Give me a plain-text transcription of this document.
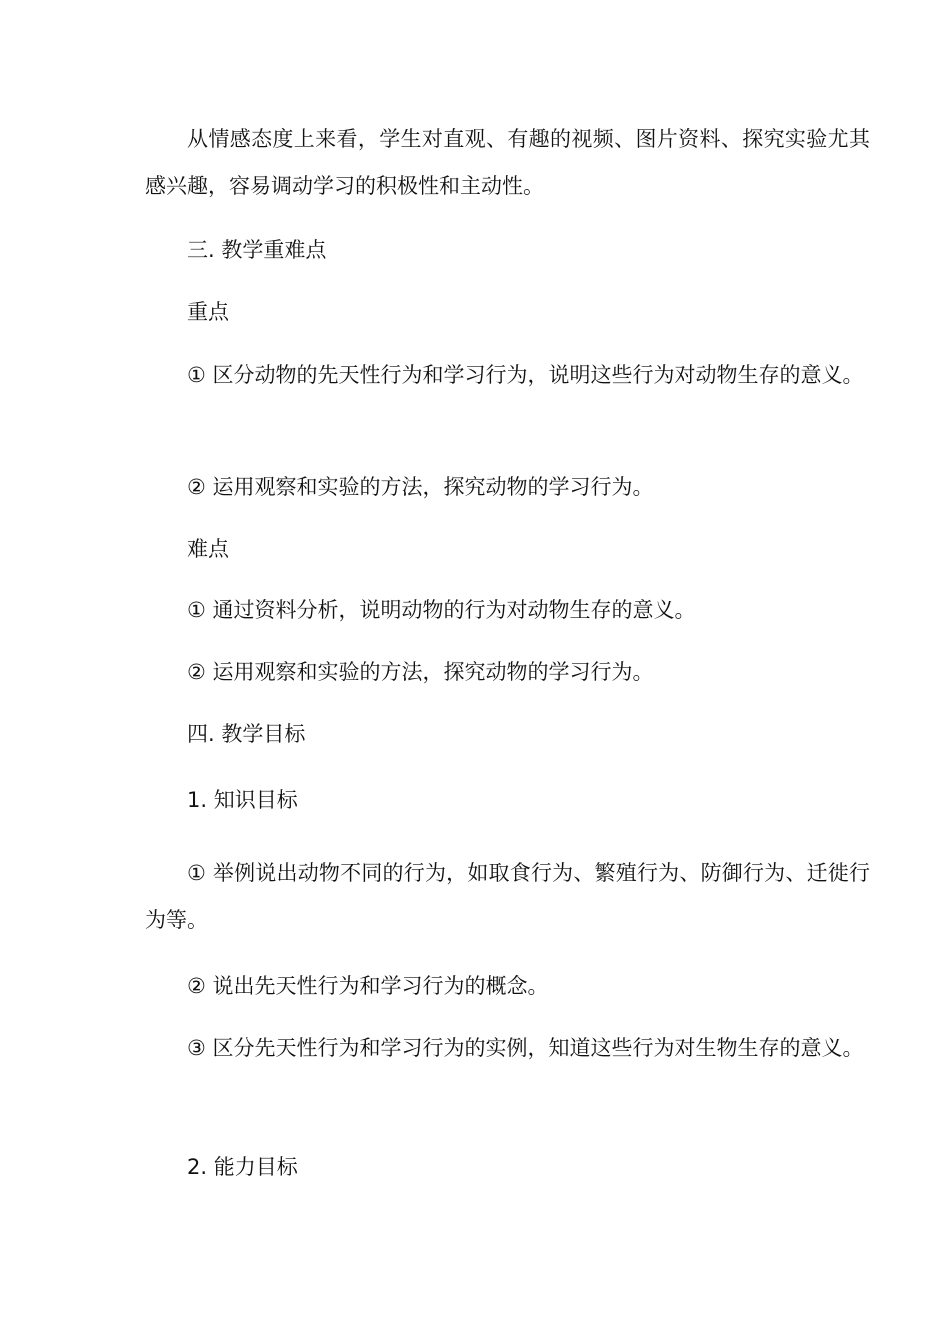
从情感态度上来看，学生对直观、有趣的视频、图片资料、探究实验尤其感兴趣，容易调动学习的积极性和主动性。

三. 教学重难点

重点

① 区分动物的先天性行为和学习行为，说明这些行为对动物生存的意义。

② 运用观察和实验的方法，探究动物的学习行为。

难点

① 通过资料分析，说明动物的行为对动物生存的意义。

② 运用观察和实验的方法，探究动物的学习行为。

四. 教学目标

1. 知识目标

① 举例说出动物不同的行为，如取食行为、繁殖行为、防御行为、迁徙行为等。

② 说出先天性行为和学习行为的概念。

③ 区分先天性行为和学习行为的实例，知道这些行为对生物生存的意义。

2. 能力目标
